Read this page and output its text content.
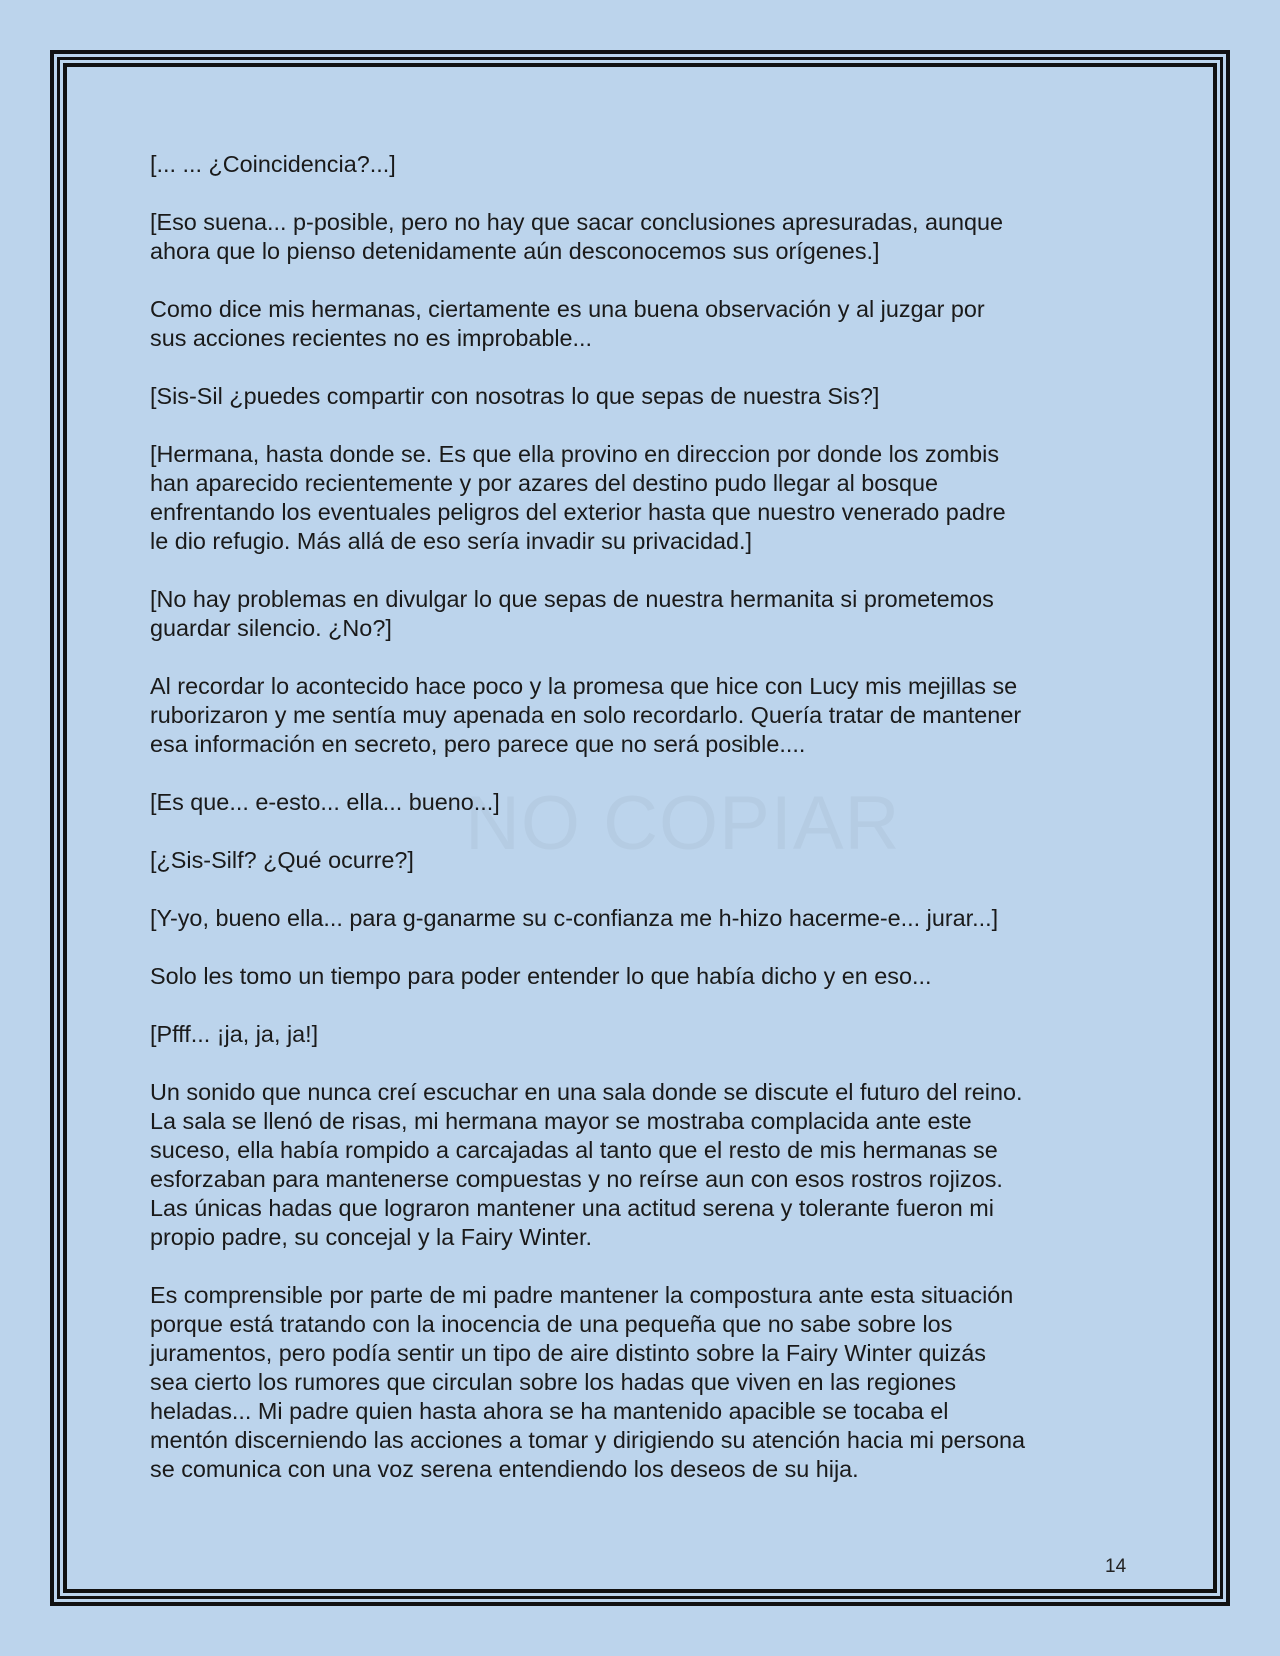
[... ... ¿Coincidencia?...]

[Eso suena... p-posible, pero no hay que sacar conclusiones apresuradas, aunque
ahora que lo pienso detenidamente aún desconocemos sus orígenes.]

Como dice mis hermanas, ciertamente es una buena observación y al juzgar por
sus acciones recientes no es improbable...

[Sis-Sil ¿puedes compartir con nosotras lo que sepas de nuestra Sis?]

[Hermana, hasta donde se. Es que ella provino en direccion por donde los zombis
han aparecido recientemente y por azares del destino pudo llegar al bosque
enfrentando los eventuales peligros del exterior hasta que nuestro venerado padre
le dio refugio. Más allá de eso sería invadir su privacidad.]

[No hay problemas en divulgar lo que sepas de nuestra hermanita si prometemos
guardar silencio. ¿No?]

Al recordar lo acontecido hace poco y la promesa que hice con Lucy mis mejillas se
ruborizaron y me sentía muy apenada en solo recordarlo. Quería tratar de mantener
esa información en secreto, pero parece que no será posible....

[Es que... e-esto... ella... bueno...]

[¿Sis-Silf? ¿Qué ocurre?]

[Y-yo, bueno ella... para g-ganarme su c-confianza me h-hizo hacerme-e... jurar...]

Solo les tomo un tiempo para poder entender lo que había dicho y en eso...

[Pfff... ¡ja, ja, ja!]

Un sonido que nunca creí escuchar en una sala donde se discute el futuro del reino.
La sala se llenó de risas, mi hermana mayor se mostraba complacida ante este
suceso, ella había rompido a carcajadas al tanto que el resto de mis hermanas se
esforzaban para mantenerse compuestas y no reírse aun con esos rostros rojizos.
Las únicas hadas que lograron mantener una actitud serena y tolerante fueron mi
propio padre, su concejal y la Fairy Winter.

Es comprensible por parte de mi padre mantener la compostura ante esta situación
porque está tratando con la inocencia de una pequeña que no sabe sobre los
juramentos, pero podía sentir un tipo de aire distinto sobre la Fairy Winter quizás
sea cierto los rumores que circulan sobre los hadas que viven en las regiones
heladas... Mi padre quien hasta ahora se ha mantenido apacible se tocaba el
mentón discerniendo las acciones a tomar y dirigiendo su atención hacia mi persona
se comunica con una voz serena entendiendo los deseos de su hija.

14
